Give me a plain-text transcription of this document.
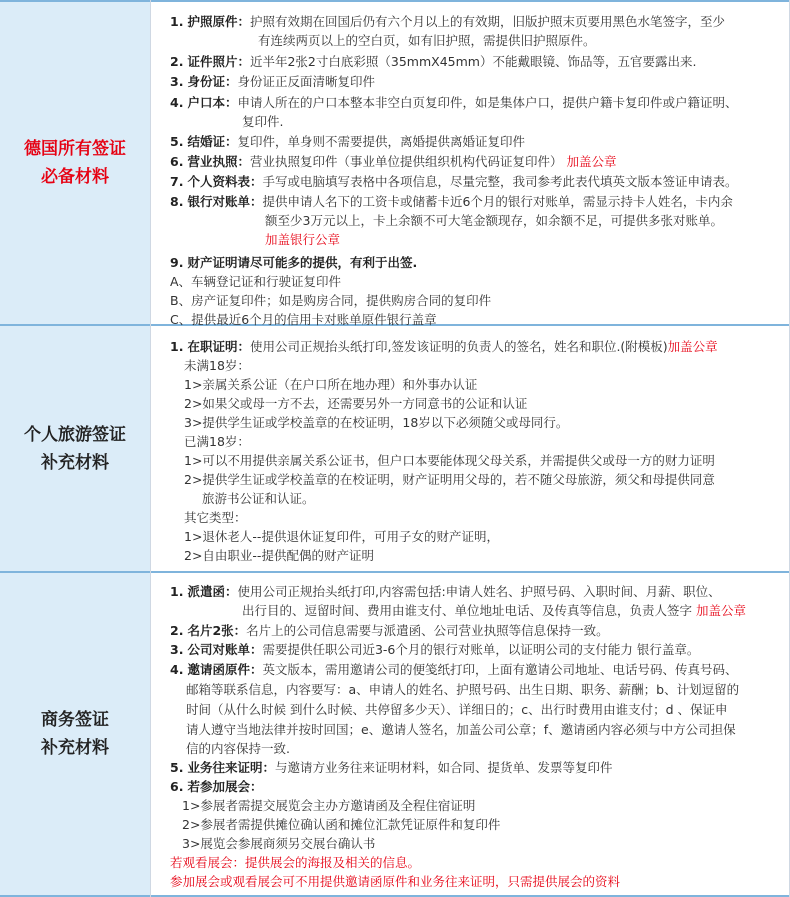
德国所有签证
必备材料
1. 护照原件：护照有效期在回国后仍有六个月以上的有效期，旧版护照末页要用黑色水笔签字，至少
有连续两页以上的空白页，如有旧护照，需提供旧护照原件。
2. 证件照片：近半年2张2寸白底彩照（35mmX45mm）不能戴眼镜、饰品等，五官要露出来.
3. 身份证：身份证正反面清晰复印件
4. 户口本：申请人所在的户口本整本非空白页复印件，如是集体户口，提供户籍卡复印件或户籍证明、
复印件.
5. 结婚证：复印件，单身则不需要提供，离婚提供离婚证复印件
6. 营业执照：营业执照复印件（事业单位提供组织机构代码证复印件） 加盖公章
7. 个人资料表：手写或电脑填写表格中各项信息，尽量完整，我司参考此表代填英文版本签证申请表。
8. 银行对账单：提供申请人名下的工资卡或储蓄卡近6个月的银行对账单，需显示持卡人姓名，卡内余
额至少3万元以上，卡上余额不可大笔金额现存，如余额不足，可提供多张对账单。
加盖银行公章
9. 财产证明请尽可能多的提供，有利于出签.
A、车辆登记证和行驶证复印件
B、房产证复印件；如是购房合同，提供购房合同的复印件
C、提供最近6个月的信用卡对账单原件银行盖章
个人旅游签证
补充材料
1. 在职证明：使用公司正规抬头纸打印,签发该证明的负责人的签名，姓名和职位.(附模板)加盖公章
未满18岁：
1>亲属关系公证（在户口所在地办理）和外事办认证
2>如果父或母一方不去，还需要另外一方同意书的公证和认证
3>提供学生证或学校盖章的在校证明，18岁以下必须随父或母同行。
已满18岁：
1>可以不用提供亲属关系公证书，但户口本要能体现父母关系，并需提供父或母一方的财力证明
2>提供学生证或学校盖章的在校证明，财产证明用父母的，若不随父母旅游，须父和母提供同意
旅游书公证和认证。
其它类型：
1>退休老人--提供退休证复印件，可用子女的财产证明，
2>自由职业--提供配偶的财产证明
商务签证
补充材料
1. 派遣函：使用公司正规抬头纸打印,内容需包括:申请人姓名、护照号码、入职时间、月薪、职位、
出行目的、逗留时间、费用由谁支付、单位地址电话、及传真等信息，负责人签字 加盖公章
2. 名片2张：名片上的公司信息需要与派遣函、公司营业执照等信息保持一致。
3. 公司对账单：需要提供任职公司近3-6个月的银行对账单，以证明公司的支付能力 银行盖章。
4. 邀请函原件：英文版本，需用邀请公司的便笺纸打印，上面有邀请公司地址、电话号码、传真号码、
邮箱等联系信息，内容要写：a、申请人的姓名、护照号码、出生日期、职务、薪酬；b、计划逗留的
时间（从什么时候 到什么时候、共停留多少天）、详细日的；c、出行时费用由谁支付；d 、保证申
请人遵守当地法律并按时回国；e、邀请人签名，加盖公司公章；f、邀请函内容必须与中方公司担保
信的内容保持一致.
5. 业务往来证明：与邀请方业务往来证明材料，如合同、提货单、发票等复印件
6. 若参加展会：
1>参展者需提交展览会主办方邀请函及全程住宿证明
2>参展者需提供摊位确认函和摊位汇款凭证原件和复印件
3>展览会参展商须另交展台确认书
若观看展会：提供展会的海报及相关的信息。
参加展会或观看展会可不用提供邀请函原件和业务往来证明，只需提供展会的资料
